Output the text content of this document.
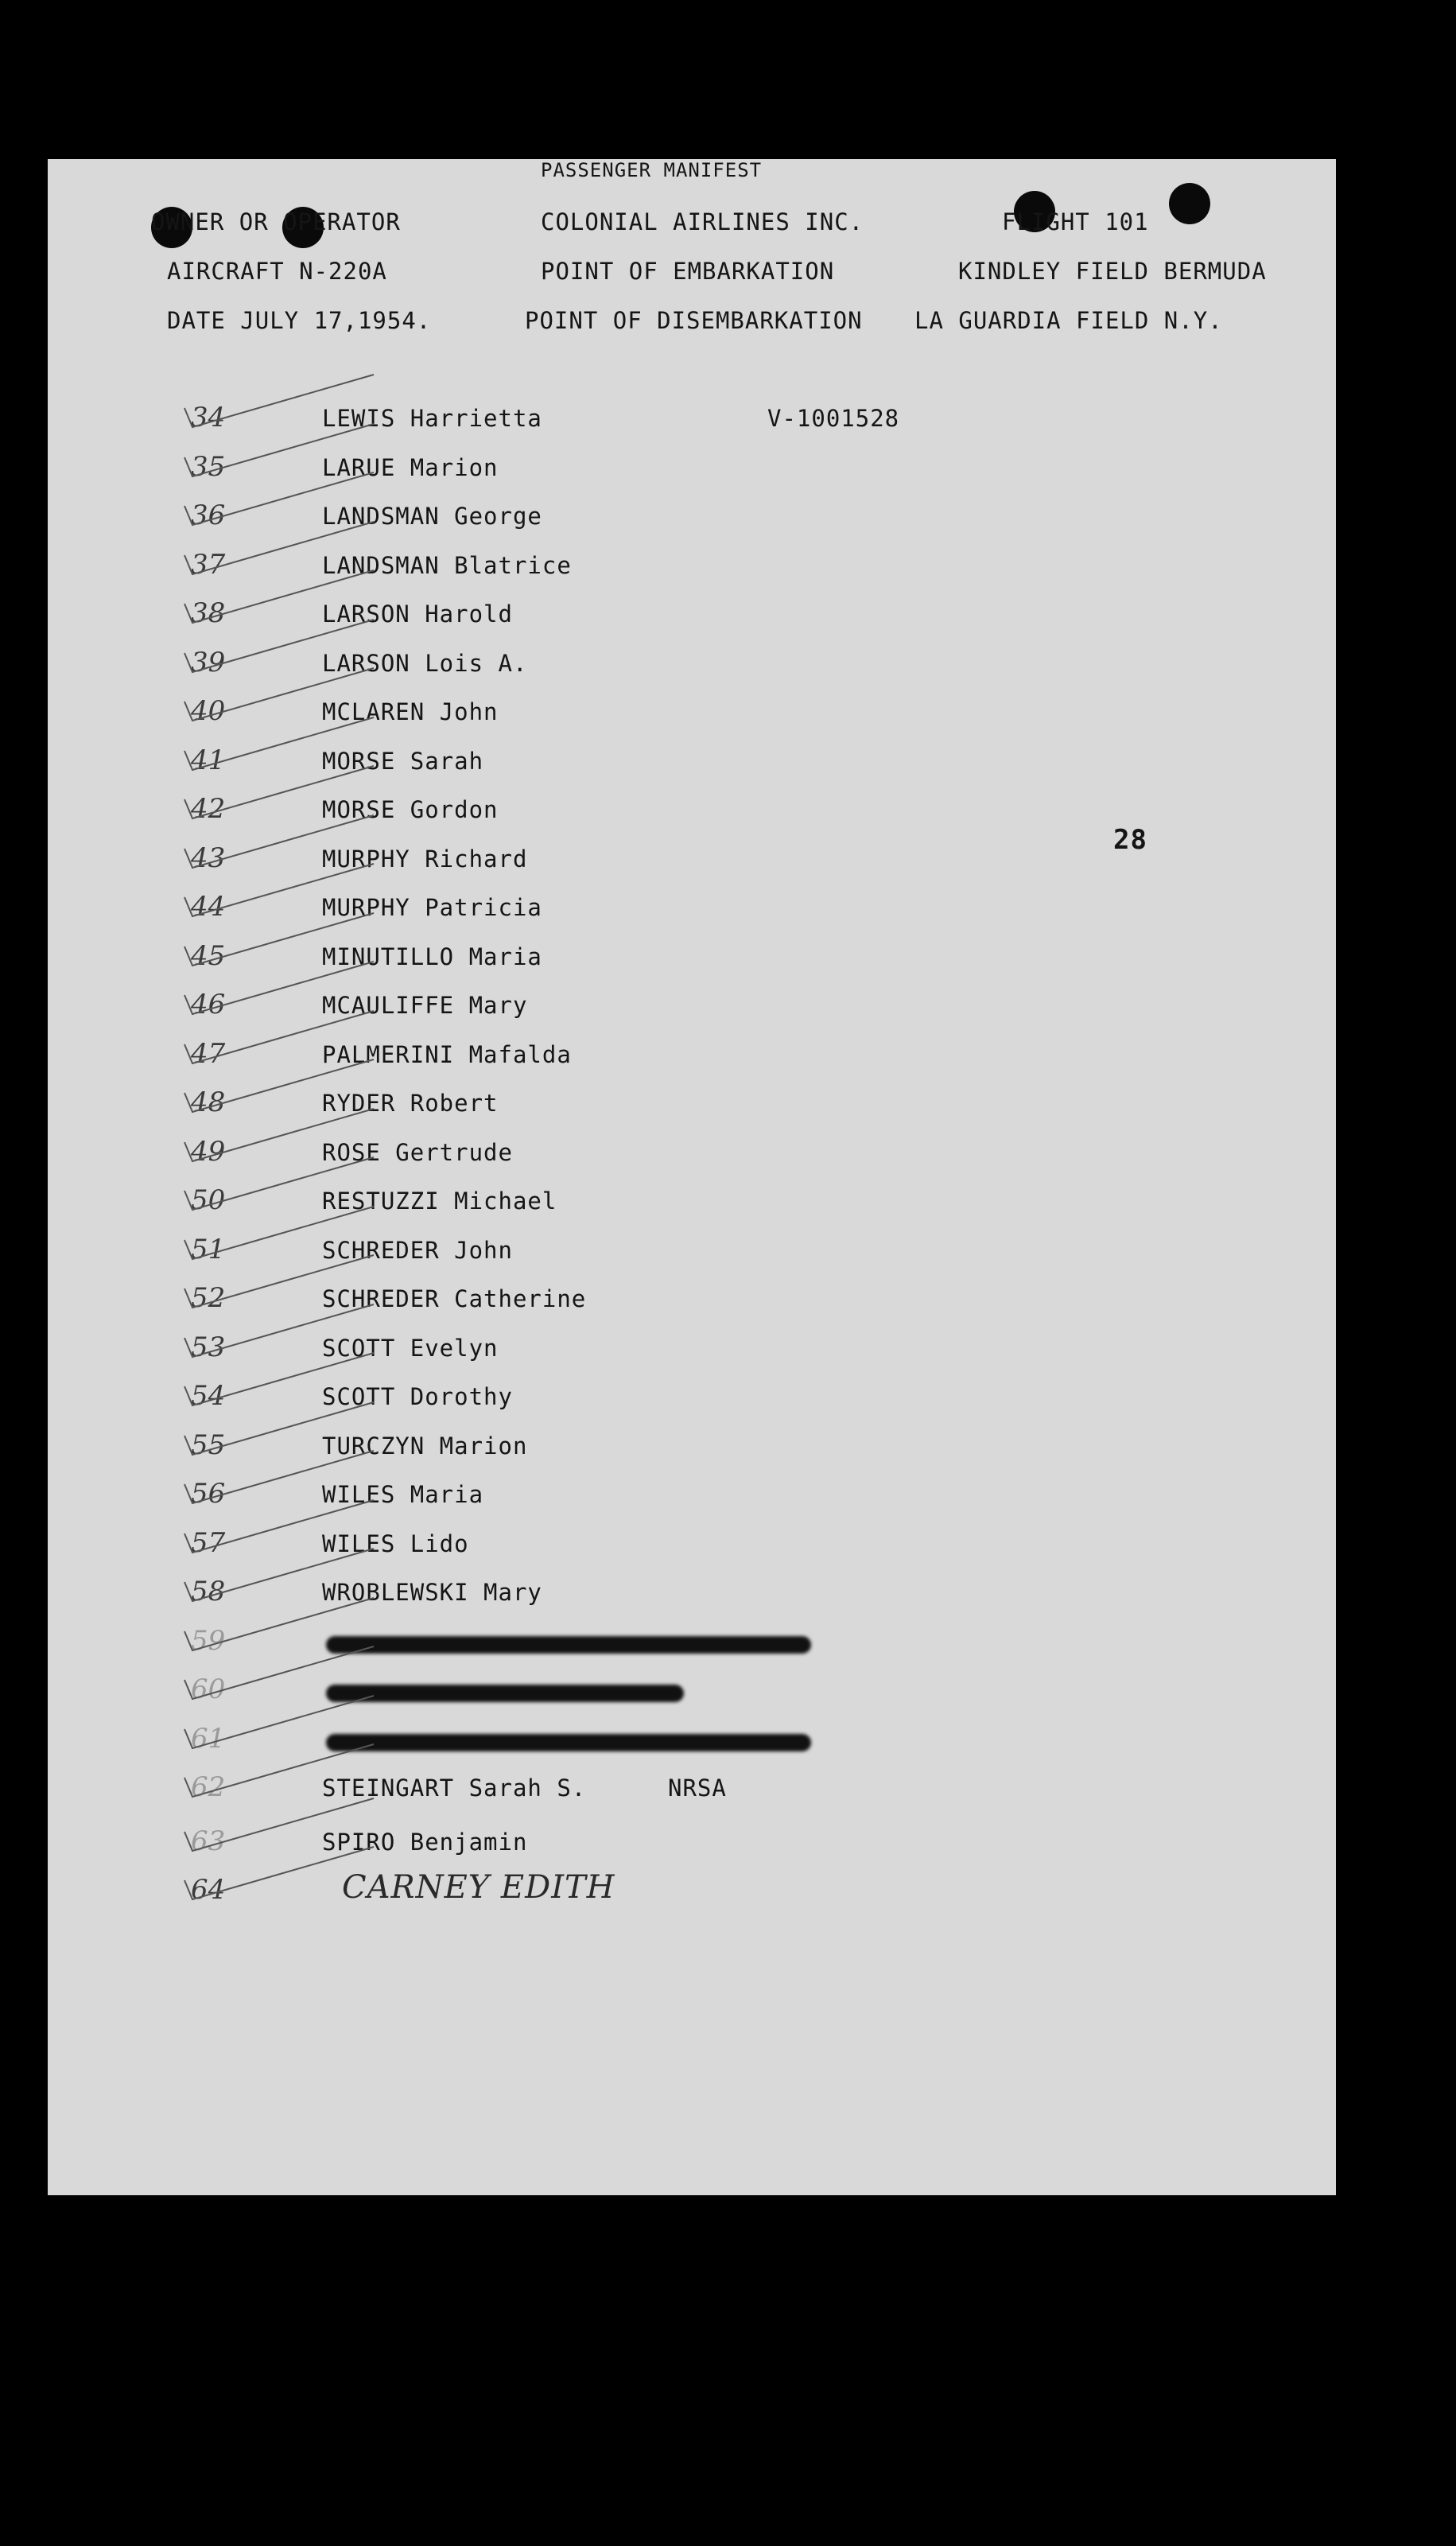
PASSENGER MANIFEST
OWNER OR OPERATOR	COLONIAL AIRLINES INC.	FLIGHT 101
AIRCRAFT N-220A	POINT OF EMBARKATION	KINDLEY FIELD BERMUDA
DATE JULY 17,1954.	POINT OF DISEMBARKATION LA GUARDIA FIELD N.Y.
28
34	LEWIS Harrietta	V-1001528
35	LARUE Marion
36	LANDSMAN George
37	LANDSMAN Blatrice
38	LARSON Harold
39	LARSON Lois A.
40	MCLAREN John
41	MORSE Sarah
42	MORSE Gordon
43	MURPHY Richard
44	MURPHY Patricia
45	MINUTILLO Maria
46	MCAULIFFE Mary
47	PALMERINI Mafalda
48	RYDER Robert
49	ROSE Gertrude
50	RESTUZZI Michael
51	SCHREDER John
52	SCHREDER Catherine
53	SCOTT Evelyn
54	SCOTT Dorothy
55	TURCZYN Marion
56	WILES Maria
57	WILES Lido
58	WROBLEWSKI Mary
59
60
61
62	STEINGART Sarah S.	NRSA
63	SPIRO Benjamin
64	CARNEY EDITH
